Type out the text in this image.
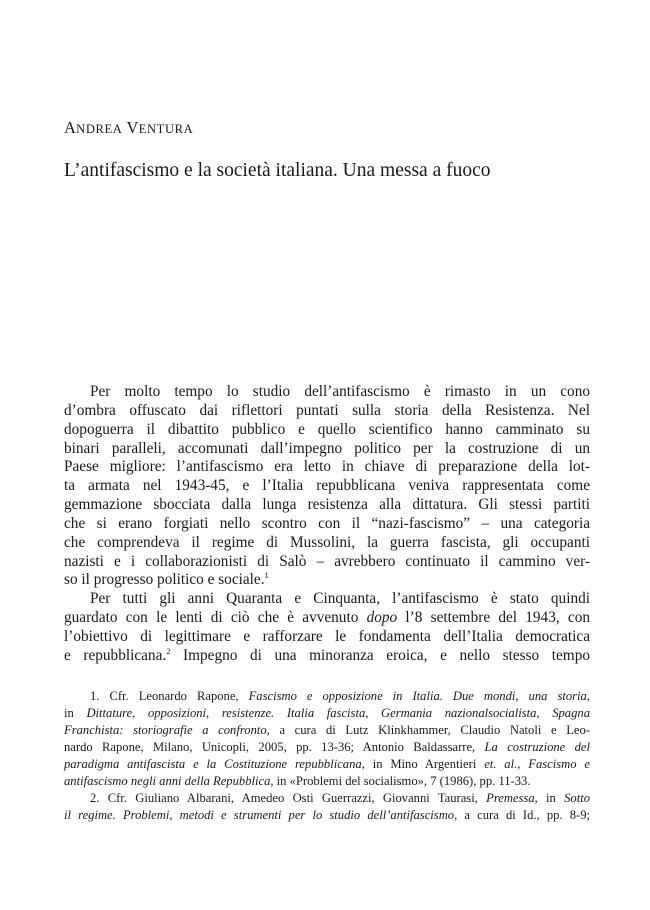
ANDREA VENTURA
L’antifascismo e la società italiana. Una messa a fuoco
Per molto tempo lo studio dell’antifascismo è rimasto in un cono
d’ombra offuscato dai riflettori puntati sulla storia della Resistenza. Nel
dopoguerra il dibattito pubblico e quello scientifico hanno camminato su
binari paralleli, accomunati dall’impegno politico per la costruzione di un
Paese migliore: l’antifascismo era letto in chiave di preparazione della lot-
ta armata nel 1943-45, e l’Italia repubblicana veniva rappresentata come
gemmazione sbocciata dalla lunga resistenza alla dittatura. Gli stessi partiti
che si erano forgiati nello scontro con il “nazi-fascismo” – una categoria
che comprendeva il regime di Mussolini, la guerra fascista, gli occupanti
nazisti e i collaborazionisti di Salò – avrebbero continuato il cammino ver-
so il progresso politico e sociale.$^1$
Per tutti gli anni Quaranta e Cinquanta, l’antifascismo è stato quindi
guardato con le lenti di ciò che è avvenuto dopo l’8 settembre del 1943, con
l’obiettivo di legittimare e rafforzare le fondamenta dell’Italia democratica
e repubblicana.$^2$ Impegno di una minoranza eroica, e nello stesso tempo
1. Cfr. Leonardo Rapone, Fascismo e opposizione in Italia. Due mondi, una storia,
in Dittature, opposizioni, resistenze. Italia fascista, Germania nazionalsocialista, Spagna
Franchista: storiografie a confronto, a cura di Lutz Klinkhammer, Claudio Natoli e Leo-
nardo Rapone, Milano, Unicopli, 2005, pp. 13-36; Antonio Baldassarre, La costruzione del
paradigma antifascista e la Costituzione repubblicana, in Mino Argentieri et. al., Fascismo e
antifascismo negli anni della Repubblica, in «Problemi del socialismo», 7 (1986), pp. 11-33.
2. Cfr. Giuliano Albarani, Amedeo Osti Guerrazzi, Giovanni Taurasi, Premessa, in Sotto
il regime. Problemi, metodi e strumenti per lo studio dell’antifascismo, a cura di Id., pp. 8-9;
